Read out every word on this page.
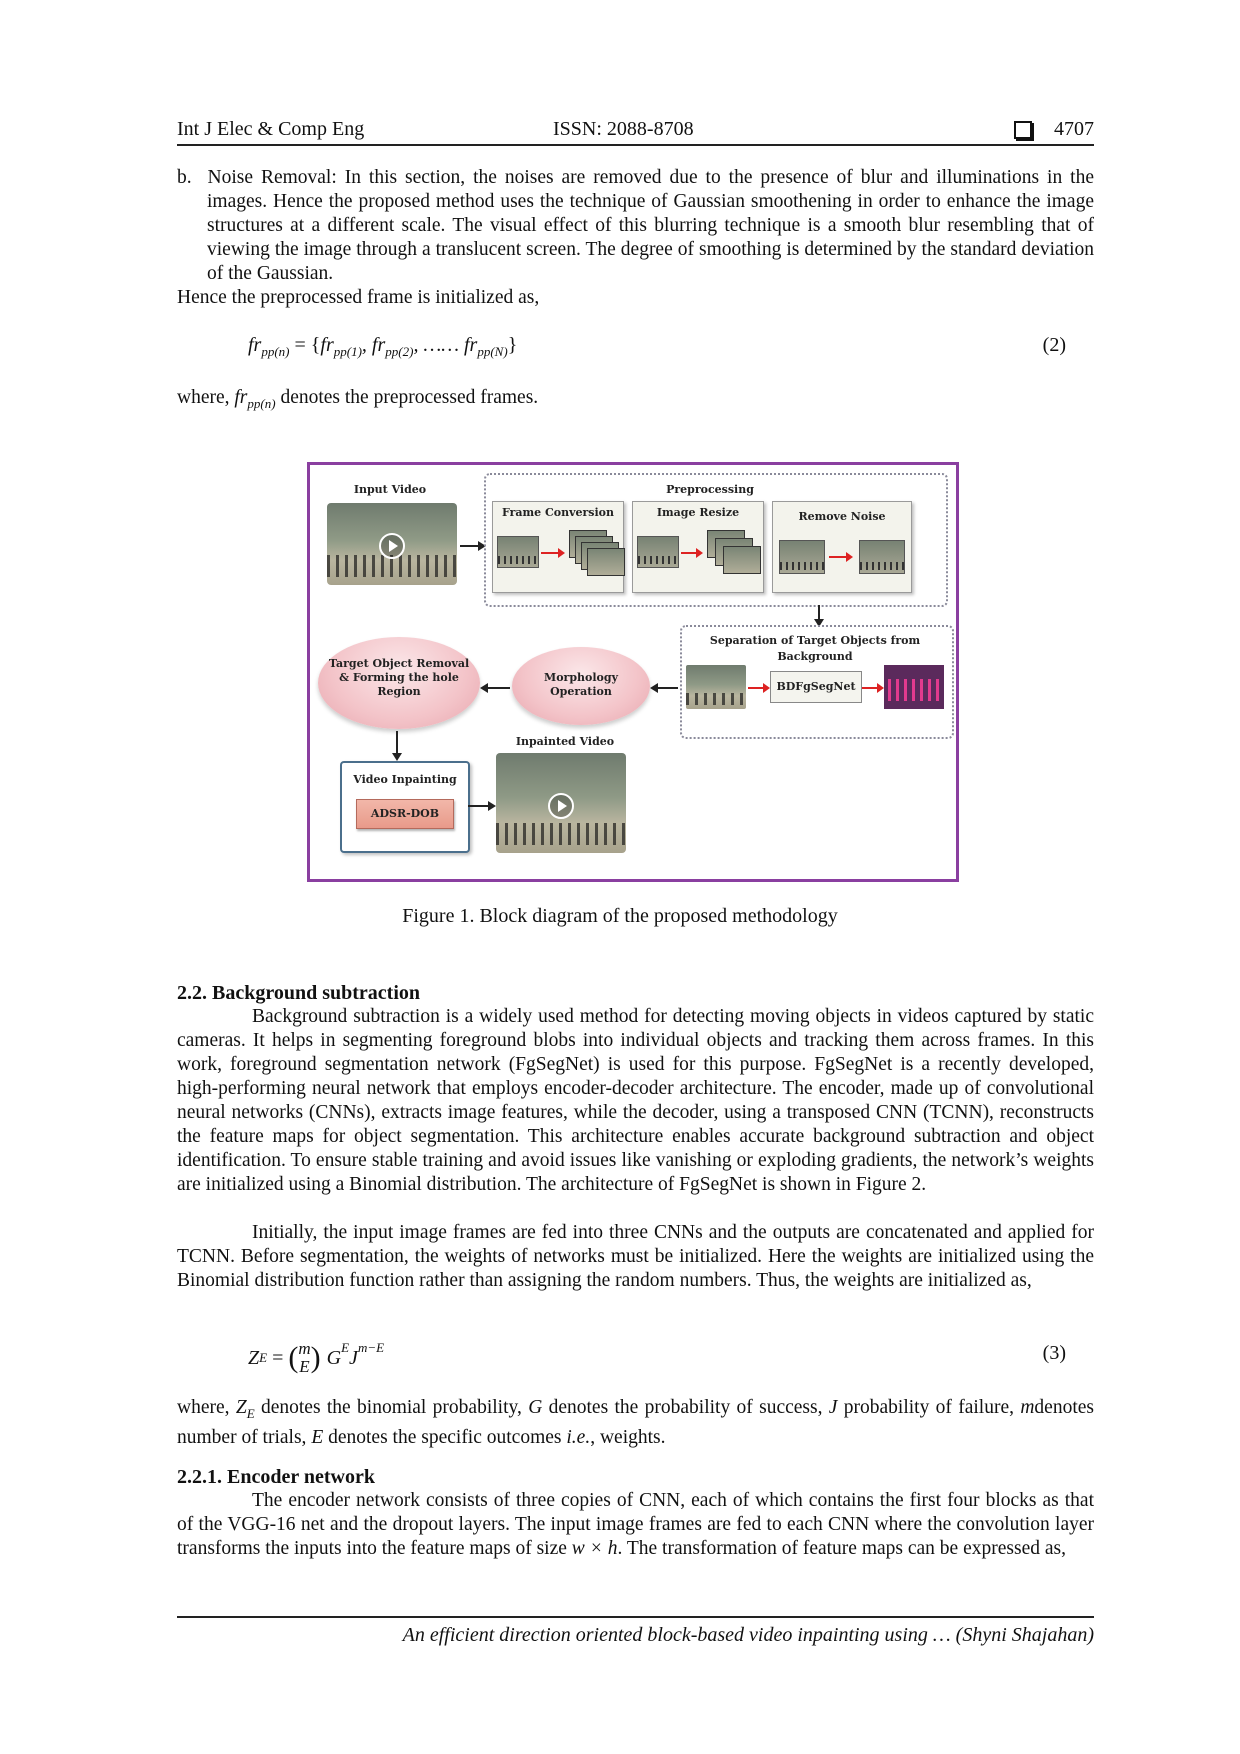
Int J Elec & Comp Eng	ISSN: 2088-8708	4707
b. Noise Removal: In this section, the noises are removed due to the presence of blur and illuminations in the images. Hence the proposed method uses the technique of Gaussian smoothening in order to enhance the image structures at a different scale. The visual effect of this blurring technique is a smooth blur resembling that of viewing the image through a translucent screen. The degree of smoothing is determined by the standard deviation of the Gaussian.
Hence the preprocessed frame is initialized as,
$fr_{pp(n)} = \{fr_{pp(1)}$, $fr_{pp(2)}$, …… $fr_{pp(N)}$}	(2)
where, $fr_{pp(n)}$ denotes the preprocessed frames.
Input Video	Preprocessing
Frame Conversion	Image Resize	Remove Noise
Separation of Target Objects from Background
BDFgSegNet
Morphology Operation
Target Object Removal & Forming the hole Region
Video Inpainting
ADSR-DOB
Inpainted Video
Figure 1. Block diagram of the proposed methodology
2.2. Background subtraction
Background subtraction is a widely used method for detecting moving objects in videos captured by static cameras. It helps in segmenting foreground blobs into individual objects and tracking them across frames. In this work, foreground segmentation network (FgSegNet) is used for this purpose. FgSegNet is a recently developed, high-performing neural network that employs encoder-decoder architecture. The encoder, made up of convolutional neural networks (CNNs), extracts image features, while the decoder, using a transposed CNN (TCNN), reconstructs the feature maps for object segmentation. This architecture enables accurate background subtraction and object identification. To ensure stable training and avoid issues like vanishing or exploding gradients, the network’s weights are initialized using a Binomial distribution. The architecture of FgSegNet is shown in Figure 2.
Initially, the input image frames are fed into three CNNs and the outputs are concatenated and applied for TCNN. Before segmentation, the weights of networks must be initialized. Here the weights are initialized using the Binomial distribution function rather than assigning the random numbers. Thus, the weights are initialized as,
Z E = ( m
E ) $G^E$ $J^{m-E}$	(3)
where, $Z_E$ denotes the binomial probability, G denotes the probability of success, J probability of failure, mdenotes number of trials, E denotes the specific outcomes i.e., weights.
2.2.1. Encoder network
The encoder network consists of three copies of CNN, each of which contains the first four blocks as that of the VGG-16 net and the dropout layers. The input image frames are fed to each CNN where the convolution layer transforms the inputs into the feature maps of size w × h. The transformation of feature maps can be expressed as,
An efficient direction oriented block-based video inpainting using … (Shyni Shajahan)
